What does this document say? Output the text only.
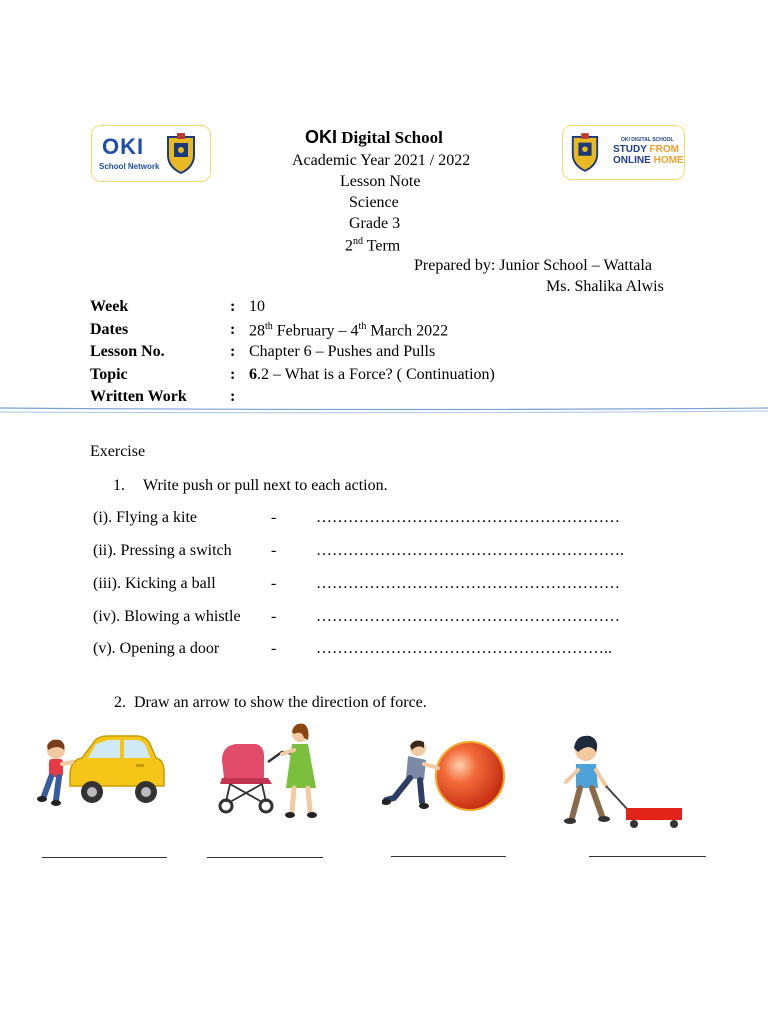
OKI
School Network
OKI DIGITAL SCHOOL
STUDY FROM
ONLINE HOME
OKI Digital School
Academic Year 2021 / 2022
Lesson Note
Science
Grade 3
2nd Term
Prepared by: Junior School – Wattala
Ms. Shalika Alwis
Week	: 10
Dates	: 28th February – 4th March 2022
Lesson No.	: Chapter 6 – Pushes and Pulls
Topic	: 6.2 – What is a Force? ( Continuation)
Written Work	:
Exercise
1. Write push or pull next to each action.
(i). Flying a kite	- …………………………………………………
(ii). Pressing a switch - ………………………………………………….
(iii). Kicking a ball	- …………………………………………………
(iv). Blowing a whistle - …………………………………………………
(v). Opening a door	- ………………………………………………..
2. Draw an arrow to show the direction of force.
